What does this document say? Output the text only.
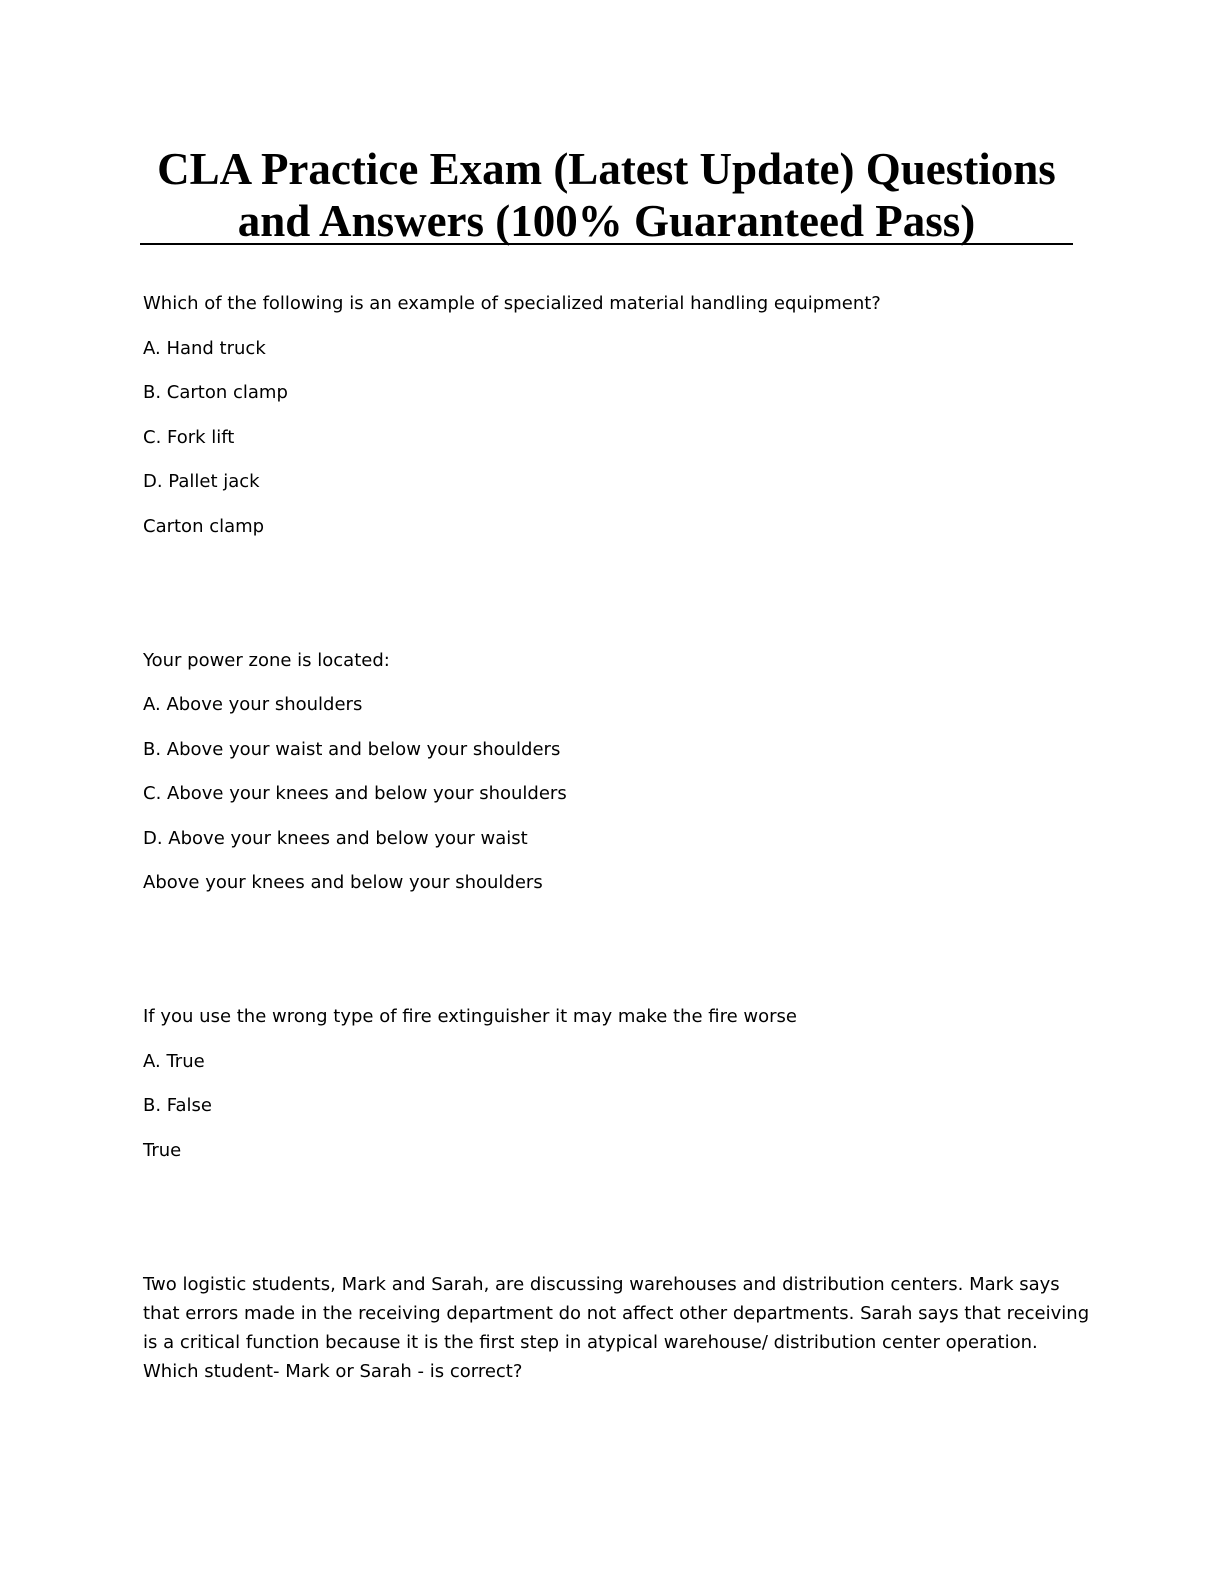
CLA Practice Exam (Latest Update) Questions
and Answers (100% Guaranteed Pass)
Which of the following is an example of specialized material handling equipment?
A. Hand truck
B. Carton clamp
C. Fork lift
D. Pallet jack
Carton clamp
Your power zone is located:
A. Above your shoulders
B. Above your waist and below your shoulders
C. Above your knees and below your shoulders
D. Above your knees and below your waist
Above your knees and below your shoulders
If you use the wrong type of fire extinguisher it may make the fire worse
A. True
B. False
True
Two logistic students, Mark and Sarah, are discussing warehouses and distribution centers. Mark says
that errors made in the receiving department do not affect other departments. Sarah says that receiving
is a critical function because it is the first step in atypical warehouse/ distribution center operation.
Which student- Mark or Sarah - is correct?
